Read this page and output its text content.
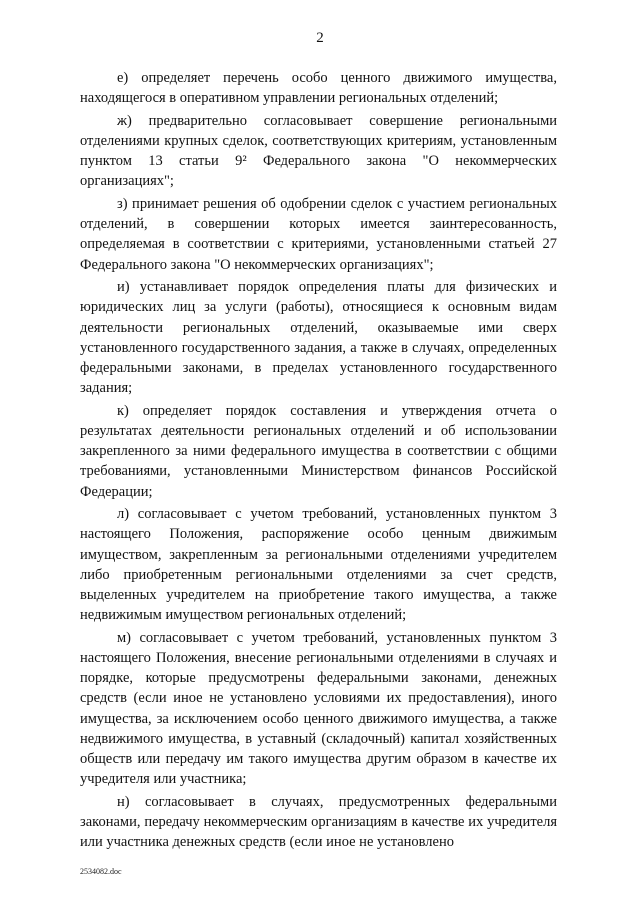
2

е) определяет перечень особо ценного движимого имущества, находящегося в оперативном управлении региональных отделений;

ж) предварительно согласовывает совершение региональными отделениями крупных сделок, соответствующих критериям, установленным пунктом 13 статьи 9² Федерального закона "О некоммерческих организациях";

з) принимает решения об одобрении сделок с участием региональных отделений, в совершении которых имеется заинтересованность, определяемая в соответствии с критериями, установленными статьей 27 Федерального закона "О некоммерческих организациях";

и) устанавливает порядок определения платы для физических и юридических лиц за услуги (работы), относящиеся к основным видам деятельности региональных отделений, оказываемые ими сверх установленного государственного задания, а также в случаях, определенных федеральными законами, в пределах установленного государственного задания;

к) определяет порядок составления и утверждения отчета о результатах деятельности региональных отделений и об использовании закрепленного за ними федерального имущества в соответствии с общими требованиями, установленными Министерством финансов Российской Федерации;

л) согласовывает с учетом требований, установленных пунктом 3 настоящего Положения, распоряжение особо ценным движимым имуществом, закрепленным за региональными отделениями учредителем либо приобретенным региональными отделениями за счет средств, выделенных учредителем на приобретение такого имущества, а также недвижимым имуществом региональных отделений;

м) согласовывает с учетом требований, установленных пунктом 3 настоящего Положения, внесение региональными отделениями в случаях и порядке, которые предусмотрены федеральными законами, денежных средств (если иное не установлено условиями их предоставления), иного имущества, за исключением особо ценного движимого имущества, а также недвижимого имущества, в уставный (складочный) капитал хозяйственных обществ или передачу им такого имущества другим образом в качестве их учредителя или участника;

н) согласовывает в случаях, предусмотренных федеральными законами, передачу некоммерческим организациям в качестве их учредителя или участника денежных средств (если иное не установлено

2534082.doc
